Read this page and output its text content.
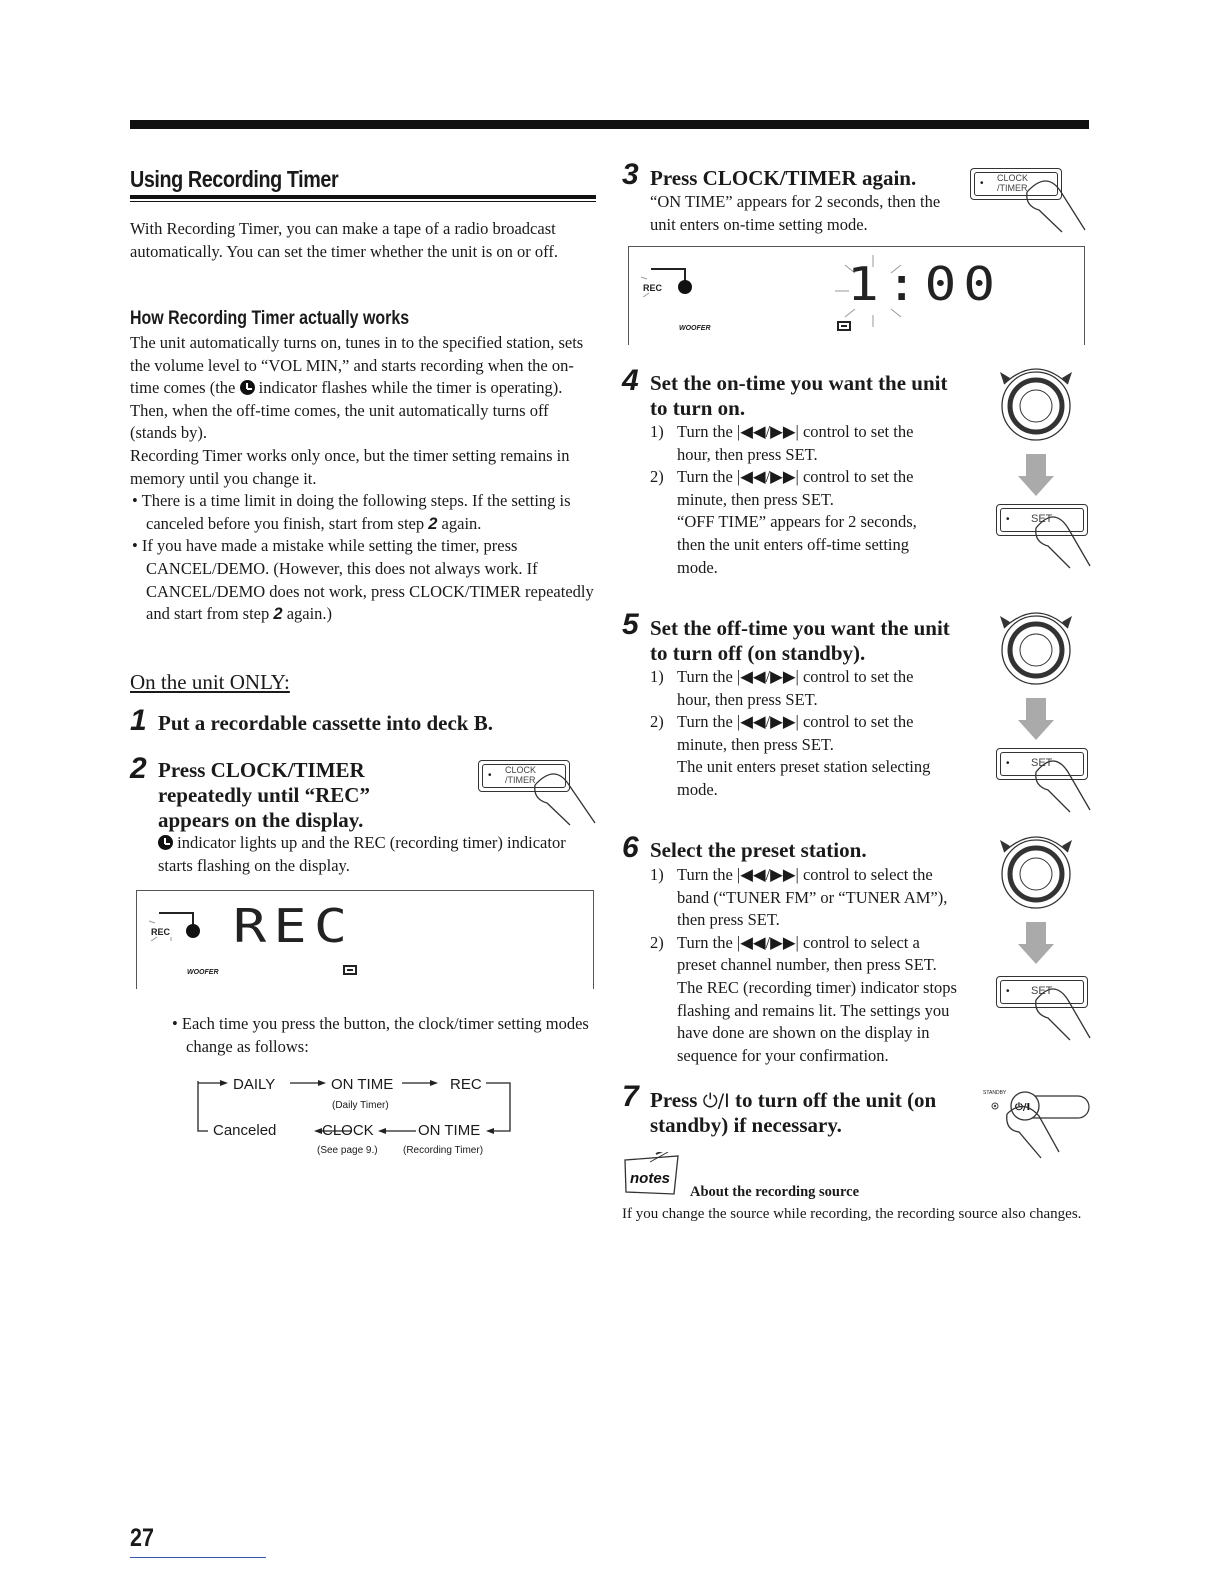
Using Recording Timer
With Recording Timer, you can make a tape of a radio broadcast automatically. You can set the timer whether the unit is on or off.
How Recording Timer actually works
The unit automatically turns on, tunes in to the specified station, sets the volume level to “VOL MIN,” and starts recording when the on-time comes (the indicator flashes while the timer is operating). Then, when the off-time comes, the unit automatically turns off (stands by).
Recording Timer works only once, but the timer setting remains in memory until you change it.
• There is a time limit in doing the following steps. If the setting is canceled before you finish, start from step 2 again.
• If you have made a mistake while setting the timer, press CANCEL/DEMO. (However, this does not always work. If CANCEL/DEMO does not work, press CLOCK/TIMER repeatedly and start from step 2 again.)
On the unit ONLY:
1 Put a recordable cassette into deck B.
2 Press CLOCK/TIMER
repeatedly until “REC”
appears on the display.
• CLOCK
/TIMER
indicator lights up and the REC (recording timer) indicator starts flashing on the display.
REC REC
WOOFER
• Each time you press the button, the clock/timer setting modes change as follows:
DAILY	ON TIME	REC
(Daily Timer)
Canceled	CLOCK	ON TIME
(See page 9.)	(Recording Timer)
3 Press CLOCK/TIMER again.
“ON TIME” appears for 2 seconds, then the unit enters on-time setting mode.
• CLOCK
/TIMER
REC	1:00
WOOFER
4 Set the on-time you want the unit
to turn on.
1) Turn the |◀◀/▶▶| control to set the
hour, then press SET.
2) Turn the |◀◀/▶▶| control to set the
minute, then press SET.
“OFF TIME” appears for 2 seconds,
then the unit enters off-time setting
mode.
5 Set the off-time you want the unit
to turn off (on standby).
1) Turn the |◀◀/▶▶| control to set the
hour, then press SET.
2) Turn the |◀◀/▶▶| control to set the
minute, then press SET.
The unit enters preset station selecting
mode.
6 Select the preset station.
1) Turn the |◀◀/▶▶| control to select the
band (“TUNER FM” or “TUNER AM”),
then press SET.
2) Turn the |◀◀/▶▶| control to select a
preset channel number, then press SET.
The REC (recording timer) indicator stops
flashing and remains lit. The settings you
have done are shown on the display in
sequence for your confirmation.
• SET
• SET
• SET
7 Press ⏻/I to turn off the unit (on
standby) if necessary.
STANDBY
⏻/I
notes
About the recording source
If you change the source while recording, the recording source also changes.
27
